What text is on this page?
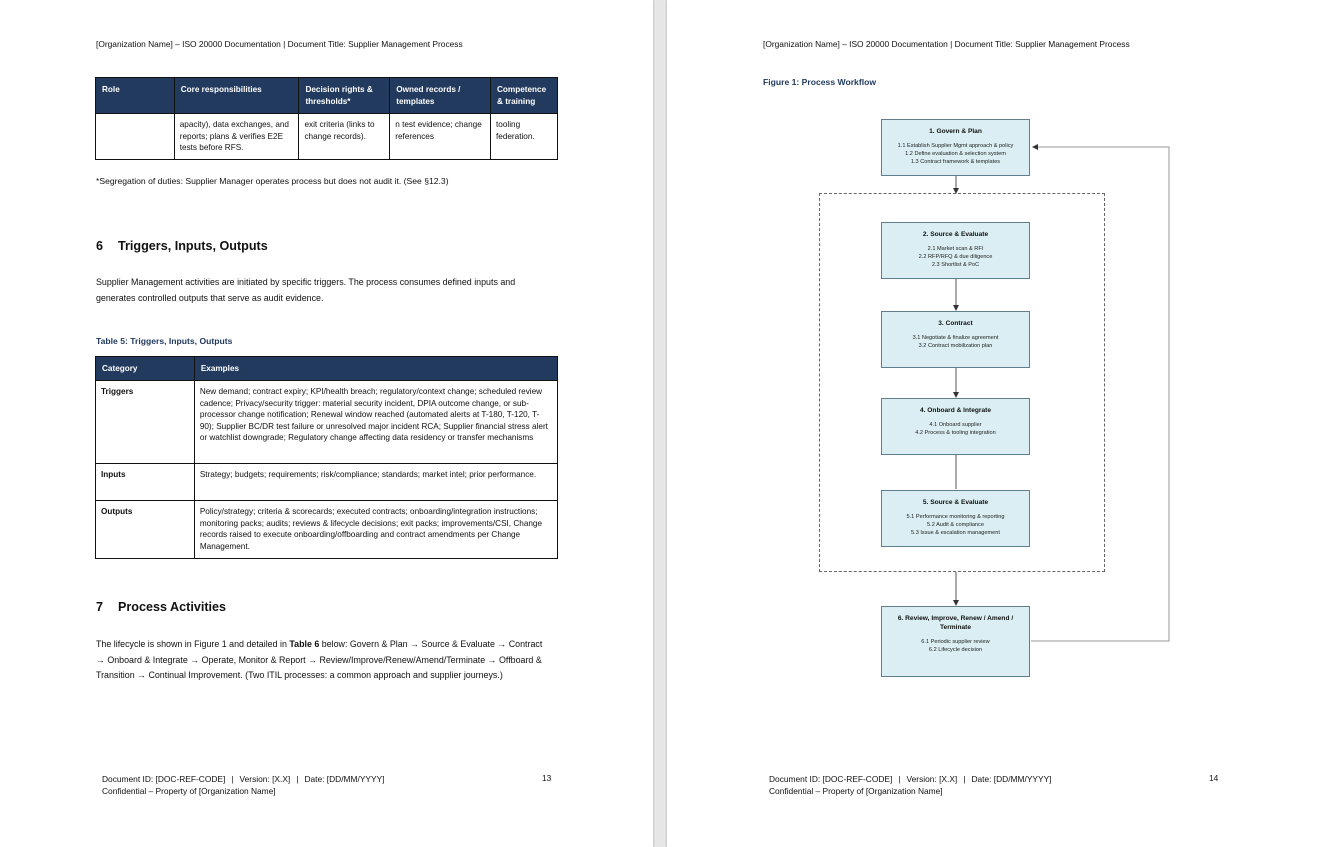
[Organization Name] – ISO 20000 Documentation | Document Title: Supplier Management Process
Role	Core responsibilities	Decision rights & thresholds*	Owned records / templates	Competence & training
	apacity), data exchanges, and reports; plans & verifies E2E tests before RFS.	exit criteria (links to change records).	n test evidence; change references	tooling federation.
*Segregation of duties: Supplier Manager operates process but does not audit it. (See §12.3)
6 Triggers, Inputs, Outputs
Supplier Management activities are initiated by specific triggers. The process consumes defined inputs and generates controlled outputs that serve as audit evidence.
Table 5: Triggers, Inputs, Outputs
Category	Examples
Triggers	New demand; contract expiry; KPI/health breach; regulatory/context change; scheduled review cadence; Privacy/security trigger: material security incident, DPIA outcome change, or sub-processor change notification; Renewal window reached (automated alerts at T-180, T-120, T-90); Supplier BC/DR test failure or unresolved major incident RCA; Supplier financial stress alert or watchlist downgrade; Regulatory change affecting data residency or transfer mechanisms
Inputs	Strategy; budgets; requirements; risk/compliance; standards; market intel; prior performance.
Outputs	Policy/strategy; criteria & scorecards; executed contracts; onboarding/integration instructions; monitoring packs; audits; reviews & lifecycle decisions; exit packs; improvements/CSI, Change records raised to execute onboarding/offboarding and contract amendments per Change Management.
7 Process Activities
The lifecycle is shown in Figure 1 and detailed in Table 6 below: Govern & Plan → Source & Evaluate → Contract → Onboard & Integrate → Operate, Monitor & Report → Review/Improve/Renew/Amend/Terminate → Offboard & Transition → Continual Improvement. (Two ITIL processes: a common approach and supplier journeys.)
Document ID: [DOC-REF-CODE] | Version: [X.X] | Date: [DD/MM/YYYY]
Confidential – Property of [Organization Name]
13
[Organization Name] – ISO 20000 Documentation | Document Title: Supplier Management Process
Figure 1: Process Workflow
1. Govern & Plan
1.1 Establish Supplier Mgmt approach & policy
1.2 Define evaluation & selection system
1.3 Contract framework & templates
2. Source & Evaluate
2.1 Market scan & RFI
2.2 RFP/RFQ & due diligence
2.3 Shortlist & PoC
3. Contract
3.1 Negotiate & finalize agreement
3.2 Contract mobilization plan
4. Onboard & Integrate
4.1 Onboard supplier
4.2 Process & tooling integration
5. Source & Evaluate
5.1 Performance monitoring & reporting
5.2 Audit & compliance
5.3 Issue & escalation management
6. Review, Improve, Renew / Amend / Terminate
6.1 Periodic supplier review
6.2 Lifecycle decision
Document ID: [DOC-REF-CODE] | Version: [X.X] | Date: [DD/MM/YYYY]
Confidential – Property of [Organization Name]
14
